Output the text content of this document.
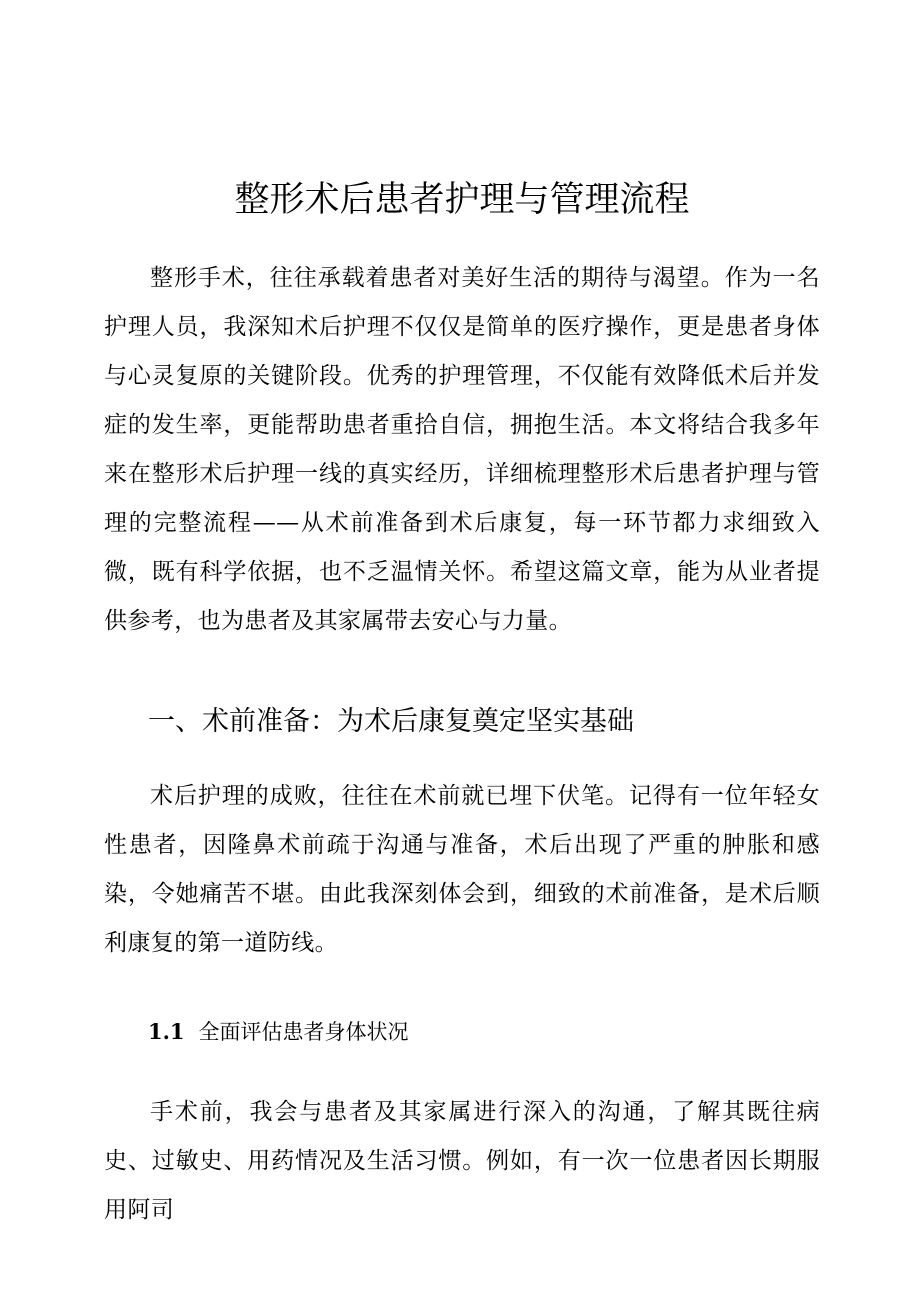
整形术后患者护理与管理流程

整形手术，往往承载着患者对美好生活的期待与渴望。作为一名护理人员，我深知术后护理不仅仅是简单的医疗操作，更是患者身体与心灵复原的关键阶段。优秀的护理管理，不仅能有效降低术后并发症的发生率，更能帮助患者重拾自信，拥抱生活。本文将结合我多年来在整形术后护理一线的真实经历，详细梳理整形术后患者护理与管理的完整流程——从术前准备到术后康复，每一环节都力求细致入微，既有科学依据，也不乏温情关怀。希望这篇文章，能为从业者提供参考，也为患者及其家属带去安心与力量。

一、术前准备：为术后康复奠定坚实基础

术后护理的成败，往往在术前就已埋下伏笔。记得有一位年轻女性患者，因隆鼻术前疏于沟通与准备，术后出现了严重的肿胀和感染，令她痛苦不堪。由此我深刻体会到，细致的术前准备，是术后顺利康复的第一道防线。

1.1 全面评估患者身体状况

手术前，我会与患者及其家属进行深入的沟通，了解其既往病史、过敏史、用药情况及生活习惯。例如，有一次一位患者因长期服用阿司
